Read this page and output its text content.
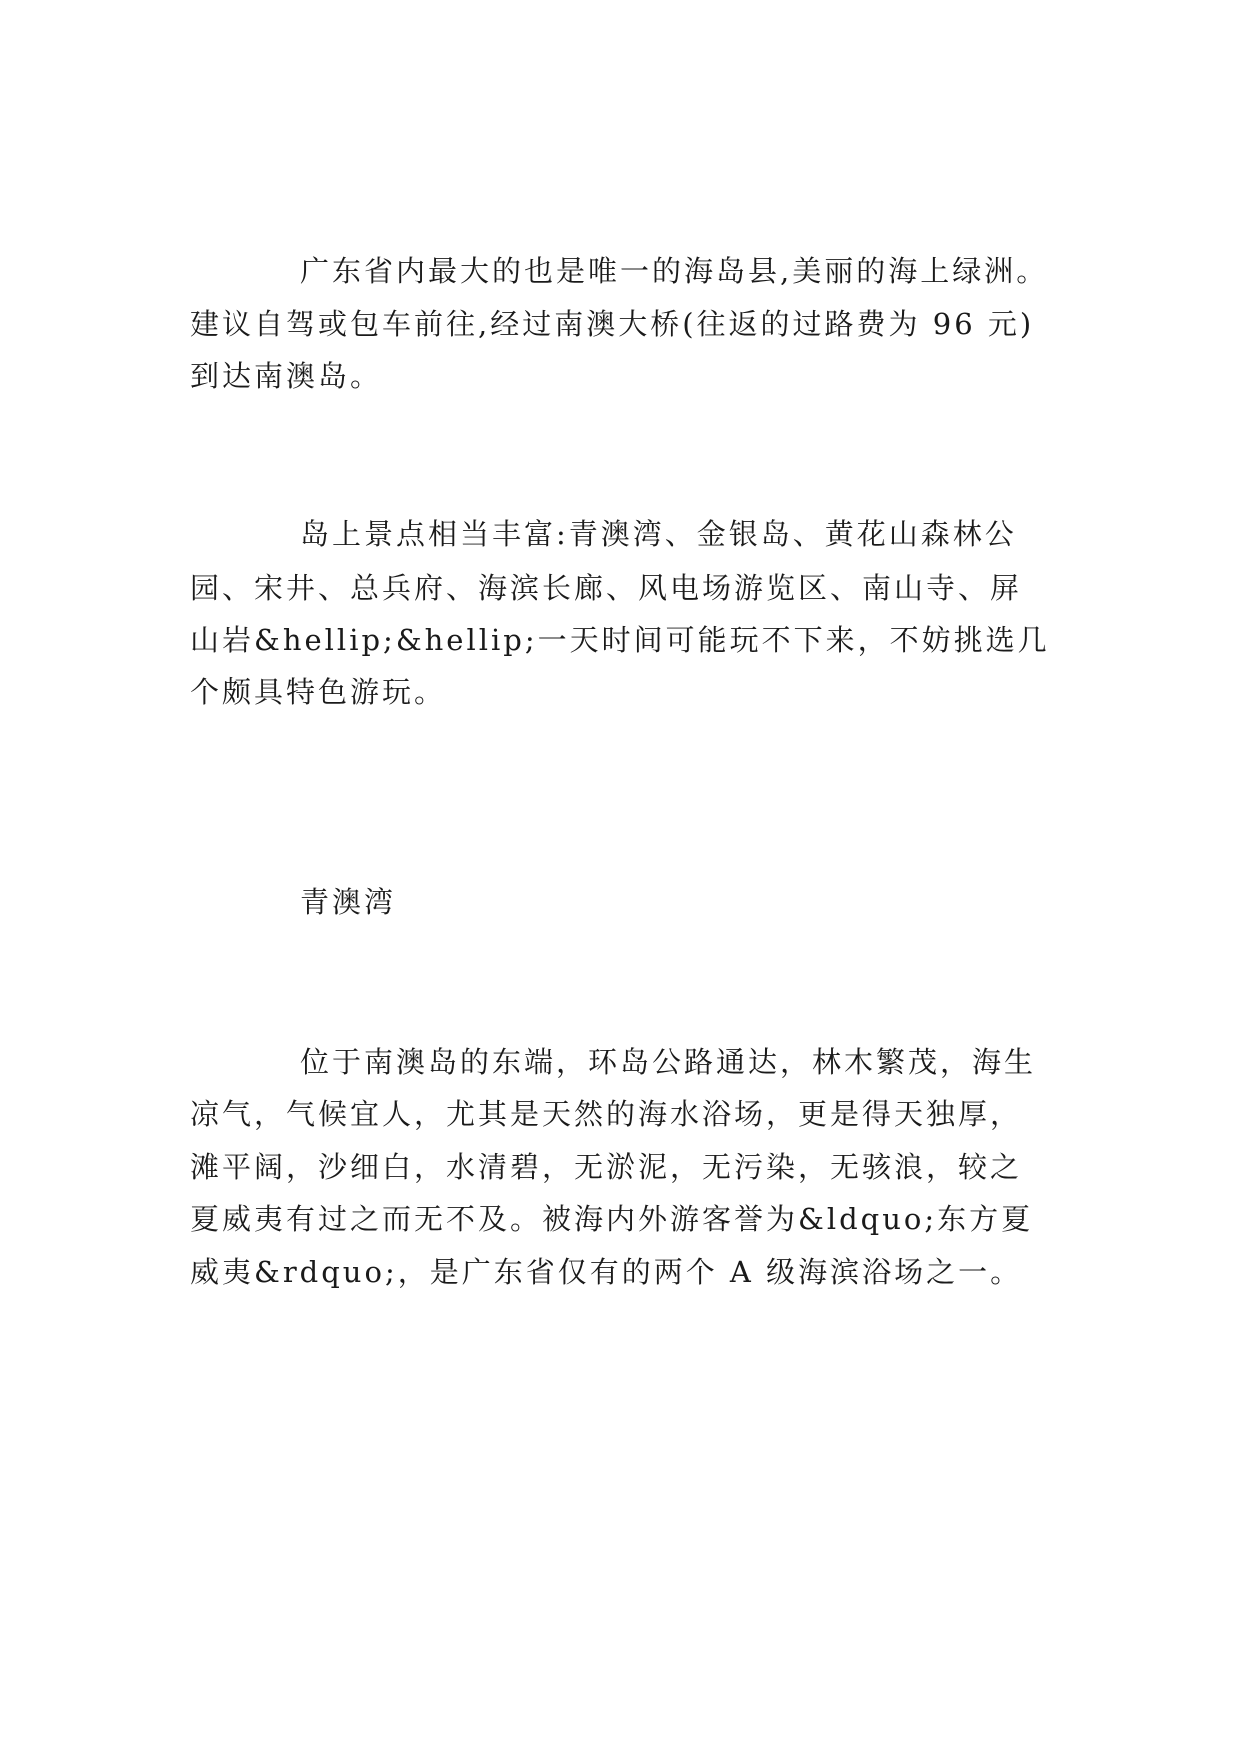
广东省内最大的也是唯一的海岛县,美丽的海上绿洲。
建议自驾或包车前往,经过南澳大桥(往返的过路费为 96 元)
到达南澳岛。
岛上景点相当丰富:青澳湾、金银岛、黄花山森林公
园、宋井、总兵府、海滨长廊、风电场游览区、南山寺、屏
山岩&hellip;&hellip;一天时间可能玩不下来，不妨挑选几
个颇具特色游玩。
青澳湾
位于南澳岛的东端，环岛公路通达，林木繁茂，海生
凉气，气候宜人，尤其是天然的海水浴场，更是得天独厚，
滩平阔，沙细白，水清碧，无淤泥，无污染，无骇浪，较之
夏威夷有过之而无不及。被海内外游客誉为&ldquo;东方夏
威夷&rdquo;，是广东省仅有的两个 A 级海滨浴场之一。
